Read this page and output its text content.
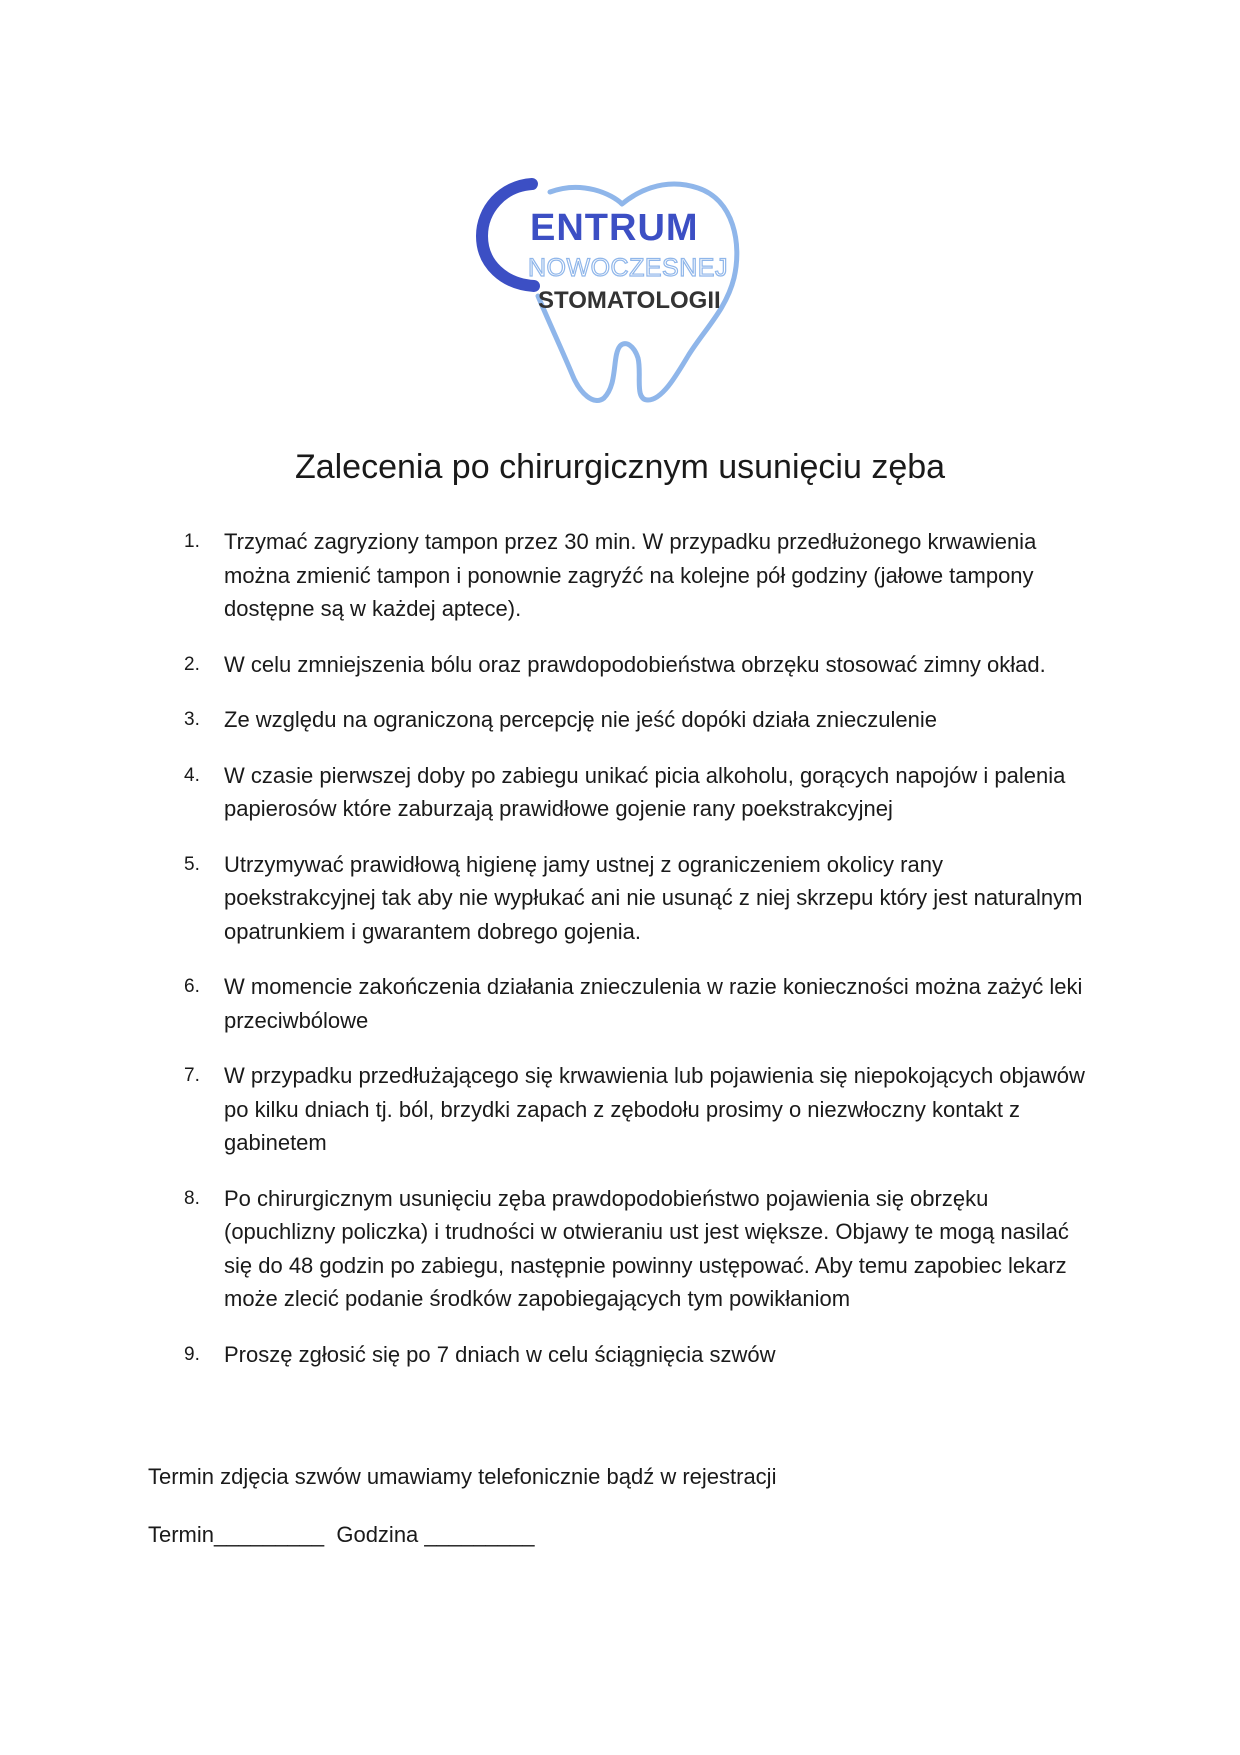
ENTRUM
NOWOCZESNEJ
STOMATOLOGII
Zalecenia po chirurgicznym usunięciu zęba
1. Trzymać zagryziony tampon przez 30 min. W przypadku przedłużonego krwawienia można zmienić tampon i ponownie zagryźć na kolejne pół godziny (jałowe tampony dostępne są w każdej aptece).
2. W celu zmniejszenia bólu oraz prawdopodobieństwa obrzęku stosować zimny okład.
3. Ze względu na ograniczoną percepcję nie jeść dopóki działa znieczulenie
4. W czasie pierwszej doby po zabiegu unikać picia alkoholu, gorących napojów i palenia papierosów które zaburzają prawidłowe gojenie rany poekstrakcyjnej
5. Utrzymywać prawidłową higienę jamy ustnej z ograniczeniem okolicy rany poekstrakcyjnej tak aby nie wypłukać ani nie usunąć z niej skrzepu który jest naturalnym opatrunkiem i gwarantem dobrego gojenia.
6. W momencie zakończenia działania znieczulenia w razie konieczności można zażyć leki przeciwbólowe
7. W przypadku przedłużającego się krwawienia lub pojawienia się niepokojących objawów po kilku dniach tj. ból, brzydki zapach z zębodołu prosimy o niezwłoczny kontakt z gabinetem
8. Po chirurgicznym usunięciu zęba prawdopodobieństwo pojawienia się obrzęku (opuchlizny policzka) i trudności w otwieraniu ust jest większe. Objawy te mogą nasilać się do 48 godzin po zabiegu, następnie powinny ustępować. Aby temu zapobiec lekarz może zlecić podanie środków zapobiegających tym powikłaniom
9. Proszę zgłosić się po 7 dniach w celu ściągnięcia szwów

Termin zdjęcia szwów umawiamy telefonicznie bądź w rejestracji

Termin_________  Godzina _________
